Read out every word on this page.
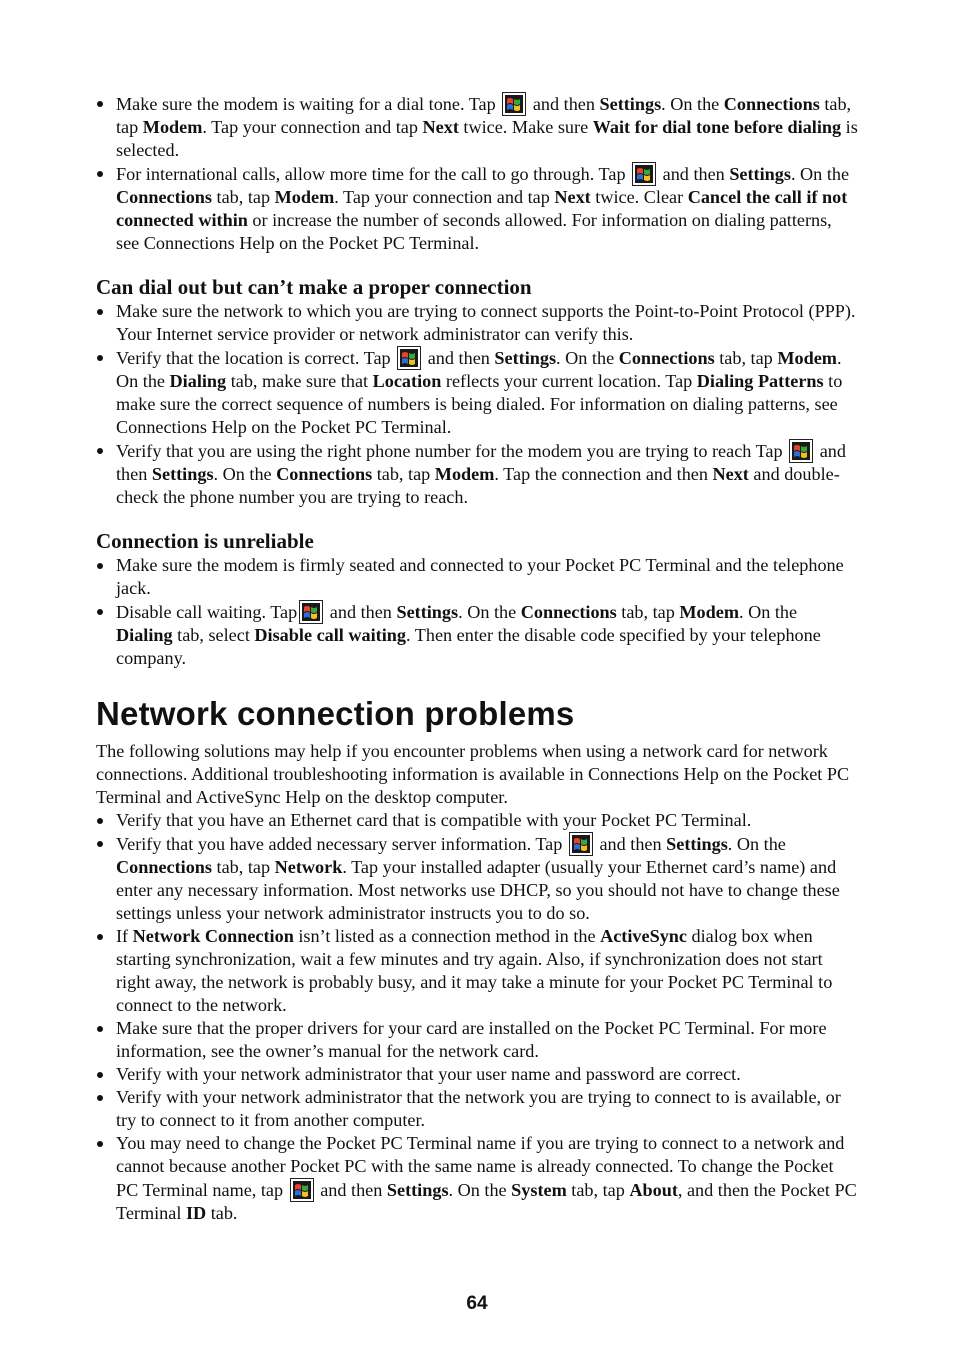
Make sure the modem is waiting for a dial tone. Tap  and then Settings. On the Connections tab, tap Modem. Tap your connection and tap Next twice. Make sure Wait for dial tone before dialing is selected.
For international calls, allow more time for the call to go through. Tap  and then Settings. On the Connections tab, tap Modem. Tap your connection and tap Next twice. Clear Cancel the call if not connected within or increase the number of seconds allowed. For information on dialing patterns, see Connections Help on the Pocket PC Terminal.
Can dial out but can’t make a proper connection
Make sure the network to which you are trying to connect supports the Point-to-Point Protocol (PPP). Your Internet service provider or network administrator can verify this.
Verify that the location is correct. Tap  and then Settings. On the Connections tab, tap Modem. On the Dialing tab, make sure that Location reflects your current location. Tap Dialing Patterns to make sure the correct sequence of numbers is being dialed. For information on dialing patterns, see Connections Help on the Pocket PC Terminal.
Verify that you are using the right phone number for the modem you are trying to reach Tap  and then Settings. On the Connections tab, tap Modem. Tap the connection and then Next and double-check the phone number you are trying to reach.
Connection is unreliable
Make sure the modem is firmly seated and connected to your Pocket PC Terminal and the telephone jack.
Disable call waiting. Tap and then Settings. On the Connections tab, tap Modem. On the Dialing tab, select Disable call waiting. Then enter the disable code specified by your telephone company.
Network connection problems

The following solutions may help if you encounter problems when using a network card for network connections. Additional troubleshooting information is available in Connections Help on the Pocket PC Terminal and ActiveSync Help on the desktop computer.

Verify that you have an Ethernet card that is compatible with your Pocket PC Terminal.
Verify that you have added necessary server information. Tap  and then Settings. On the Connections tab, tap Network. Tap your installed adapter (usually your Ethernet card’s name) and enter any necessary information. Most networks use DHCP, so you should not have to change these settings unless your network administrator instructs you to do so.
If Network Connection isn’t listed as a connection method in the ActiveSync dialog box when starting synchronization, wait a few minutes and try again. Also, if synchronization does not start right away, the network is probably busy, and it may take a minute for your Pocket PC Terminal to connect to the network.
Make sure that the proper drivers for your card are installed on the Pocket PC Terminal. For more information, see the owner’s manual for the network card.
Verify with your network administrator that your user name and password are correct.
Verify with your network administrator that the network you are trying to connect to is available, or try to connect to it from another computer.
You may need to change the Pocket PC Terminal name if you are trying to connect to a network and cannot because another Pocket PC with the same name is already connected. To change the Pocket PC Terminal name, tap  and then Settings. On the System tab, tap About, and then the Pocket PC Terminal ID tab.
64
